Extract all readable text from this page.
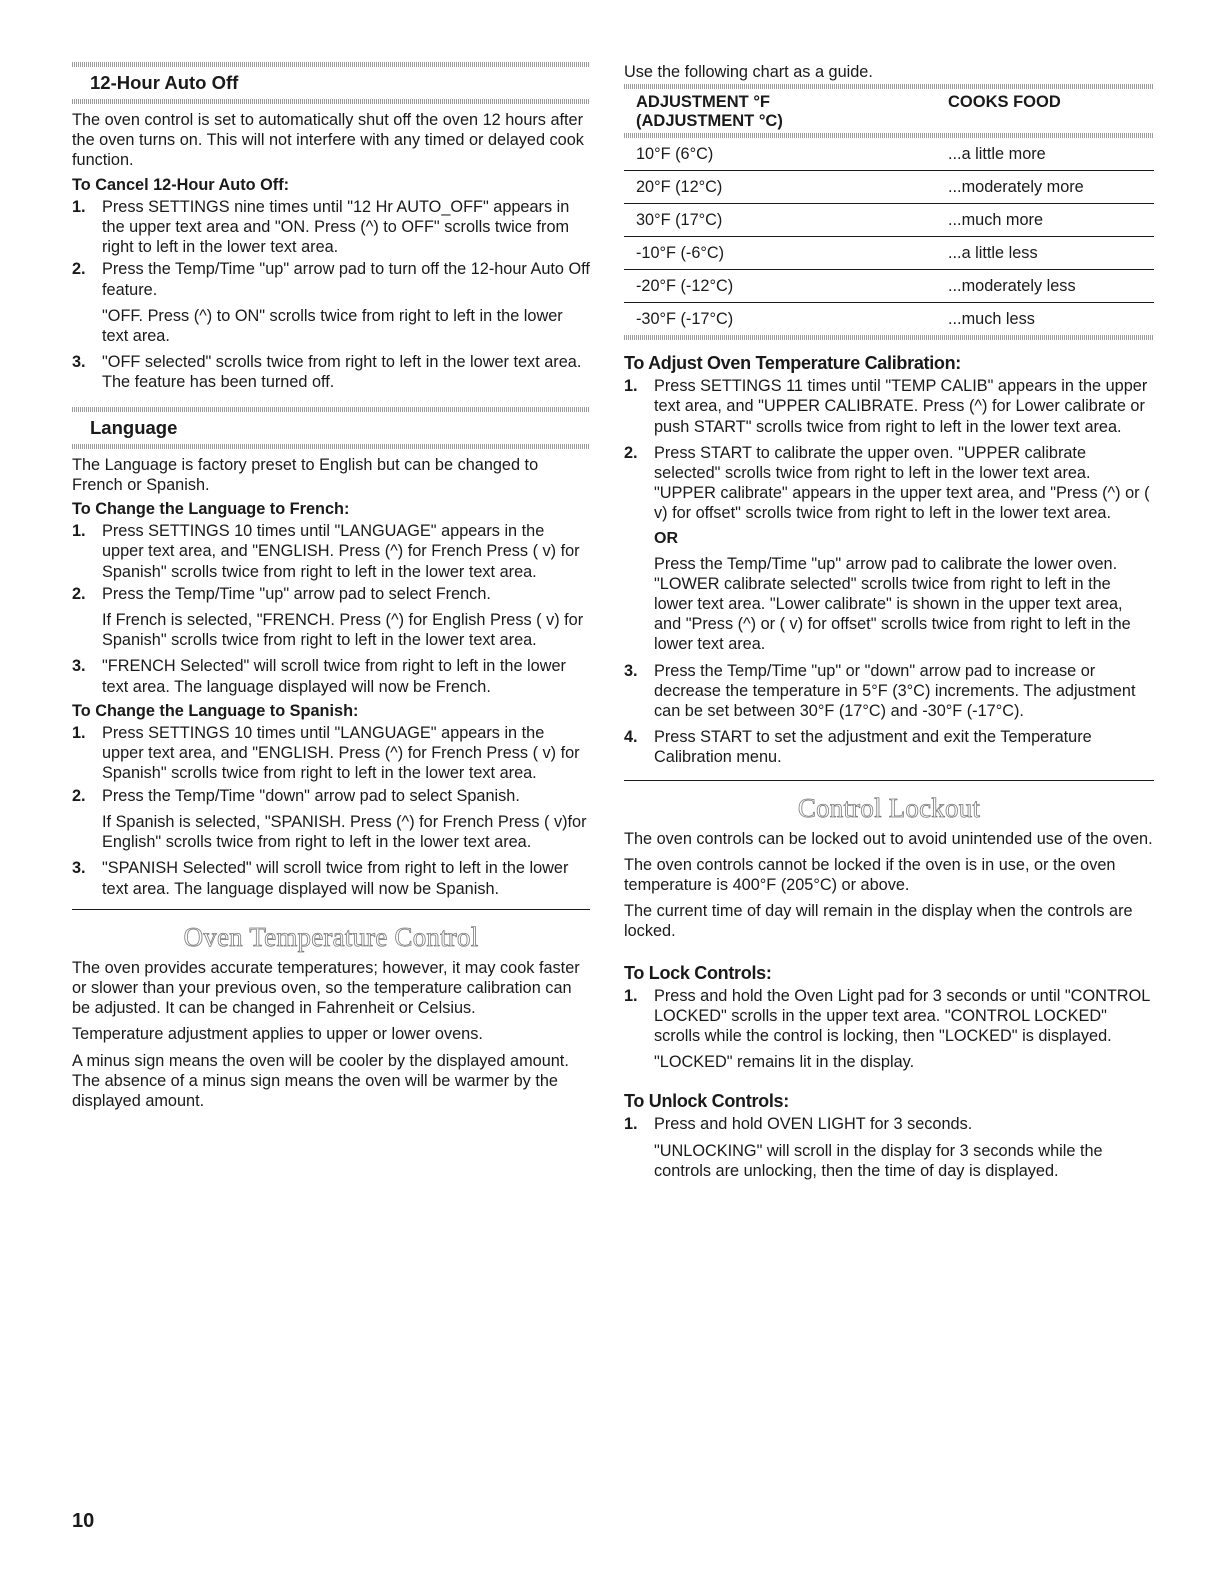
12-Hour Auto Off

The oven control is set to automatically shut off the oven 12 hours after the oven turns on. This will not interfere with any timed or delayed cook function.

To Cancel 12-Hour Auto Off:
1.	Press SETTINGS nine times until "12 Hr AUTO_OFF" appears in the upper text area and "ON. Press (^) to OFF" scrolls twice from right to left in the lower text area.

2.	Press the Temp/Time "up" arrow pad to turn off the 12-hour Auto Off feature.

"OFF. Press (^) to ON" scrolls twice from right to left in the lower text area.

3.	"OFF selected" scrolls twice from right to left in the lower text area. The feature has been turned off.

Language

The Language is factory preset to English but can be changed to French or Spanish.

To Change the Language to French:
1.	Press SETTINGS 10 times until "LANGUAGE" appears in the upper text area, and "ENGLISH. Press (^) for French Press ( v) for Spanish" scrolls twice from right to left in the lower text area.

2.	Press the Temp/Time "up" arrow pad to select French.

If French is selected, "FRENCH. Press (^) for English Press ( v) for Spanish" scrolls twice from right to left in the lower text area.

3.	"FRENCH Selected" will scroll twice from right to left in the lower text area. The language displayed will now be French.

To Change the Language to Spanish:
1.	Press SETTINGS 10 times until "LANGUAGE" appears in the upper text area, and "ENGLISH. Press (^) for French Press ( v) for Spanish" scrolls twice from right to left in the lower text area.

2.	Press the Temp/Time "down" arrow pad to select Spanish.

If Spanish is selected, "SPANISH. Press (^) for French Press ( v)for English" scrolls twice from right to left in the lower text area.

3.	"SPANISH Selected" will scroll twice from right to left in the lower text area. The language displayed will now be Spanish.

Oven Temperature Control

The oven provides accurate temperatures; however, it may cook faster or slower than your previous oven, so the temperature calibration can be adjusted. It can be changed in Fahrenheit or Celsius.

Temperature adjustment applies to upper or lower ovens.

A minus sign means the oven will be cooler by the displayed amount. The absence of a minus sign means the oven will be warmer by the displayed amount.

Use the following chart as a guide.

ADJUSTMENT °F
(ADJUSTMENT °C)
	COOKS FOOD
10°F (6°C)	...a little more
20°F (12°C)	...moderately more
30°F (17°C)	...much more
-10°F (-6°C)	...a little less
-20°F (-12°C)	...moderately less
-30°F (-17°C)	...much less
To Adjust Oven Temperature Calibration:
1.	Press SETTINGS 11 times until "TEMP CALIB" appears in the upper text area, and "UPPER CALIBRATE. Press (^) for Lower calibrate or push START" scrolls twice from right to left in the lower text area.

2.	Press START to calibrate the upper oven. "UPPER calibrate selected" scrolls twice from right to left in the lower text area. "UPPER calibrate" appears in the upper text area, and "Press (^) or ( v) for offset" scrolls twice from right to left in the lower text area.

OR

Press the Temp/Time "up" arrow pad to calibrate the lower oven. "LOWER calibrate selected" scrolls twice from right to left in the lower text area. "Lower calibrate" is shown in the upper text area, and "Press (^) or ( v) for offset" scrolls twice from right to left in the lower text area.

3.	Press the Temp/Time "up" or "down" arrow pad to increase or decrease the temperature in 5°F (3°C) increments. The adjustment can be set between 30°F (17°C) and -30°F (-17°C).

4.	Press START to set the adjustment and exit the Temperature Calibration menu.

Control Lockout

The oven controls can be locked out to avoid unintended use of the oven.

The oven controls cannot be locked if the oven is in use, or the oven temperature is 400°F (205°C) or above.

The current time of day will remain in the display when the controls are locked.

To Lock Controls:
1.	Press and hold the Oven Light pad for 3 seconds or until "CONTROL LOCKED" scrolls in the upper text area. "CONTROL LOCKED" scrolls while the control is locking, then "LOCKED" is displayed.

"LOCKED" remains lit in the display.

To Unlock Controls:
1.	Press and hold OVEN LIGHT for 3 seconds.

"UNLOCKING" will scroll in the display for 3 seconds while the controls are unlocking, then the time of day is displayed.

10
